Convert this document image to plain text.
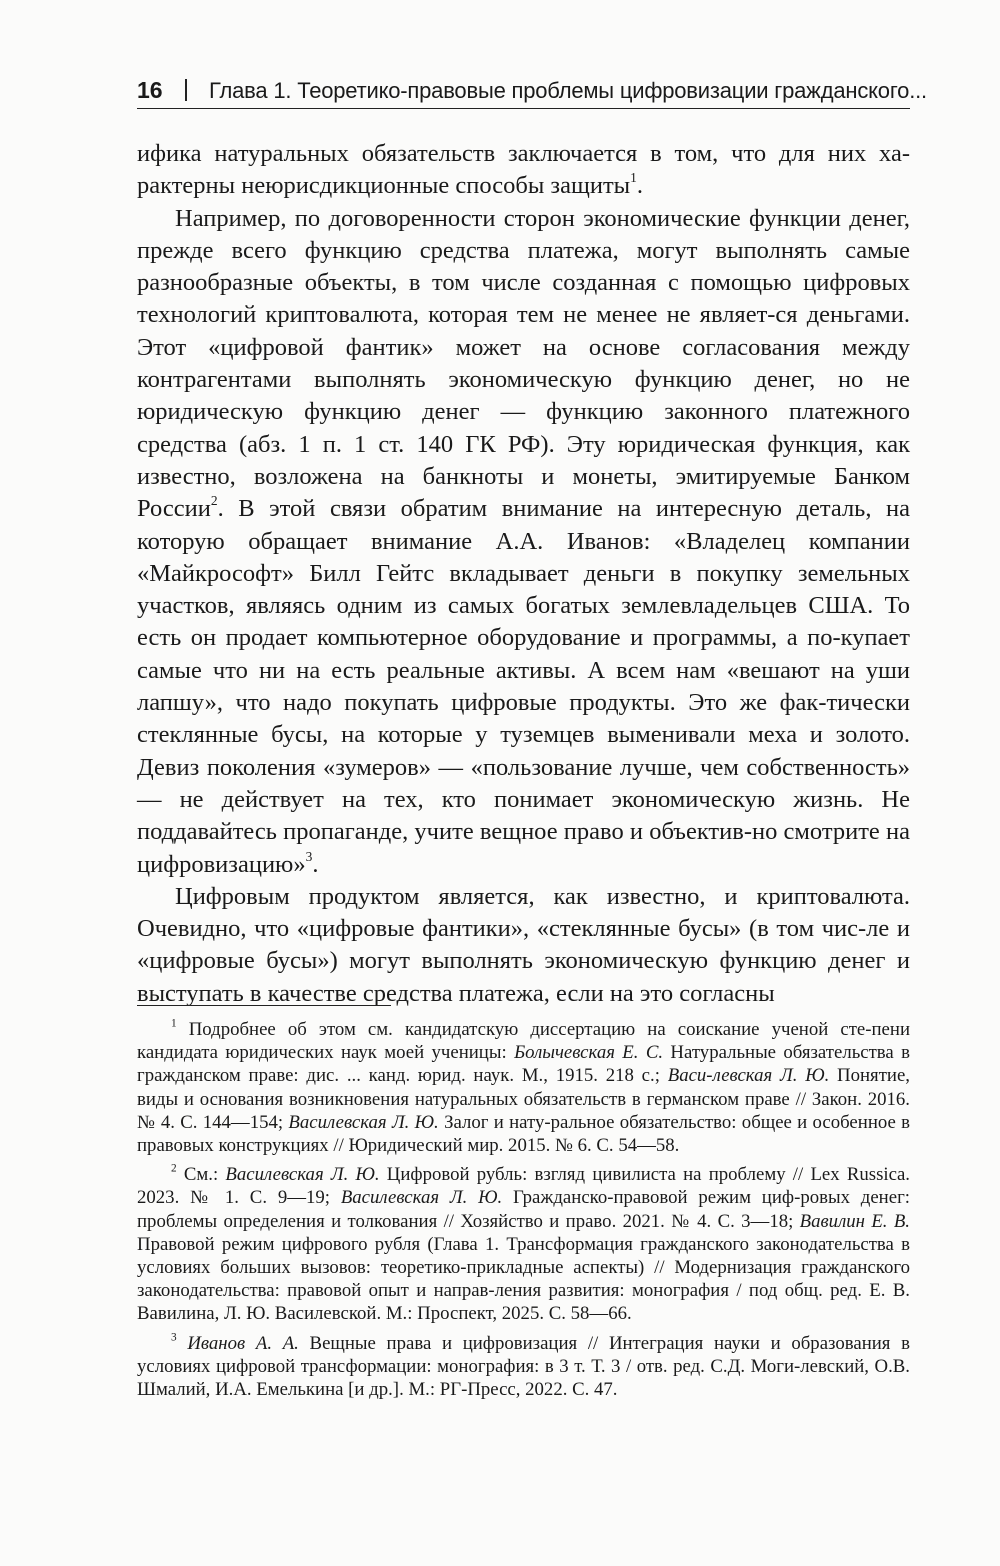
16 Глава 1. Теоретико-правовые проблемы цифровизации гражданского...

ифика натуральных обязательств заключается в том, что для них ха-рактерны неюрисдикционные способы защиты$^1$.

Например, по договоренности сторон экономические функции денег, прежде всего функцию средства платежа, могут выполнять самые разнообразные объекты, в том числе созданная с помощью цифровых технологий криптовалюта, которая тем не менее не являет-ся деньгами. Этот «цифровой фантик» может на основе согласования между контрагентами выполнять экономическую функцию денег, но не юридическую функцию денег — функцию законного платежного средства (абз. 1 п. 1 ст. 140 ГК РФ). Эту юридическая функция, как известно, возложена на банкноты и монеты, эмитируемые Банком России$^2$. В этой связи обратим внимание на интересную деталь, на которую обращает внимание А.А. Иванов: «Владелец компании «Майкрософт» Билл Гейтс вкладывает деньги в покупку земельных участков, являясь одним из самых богатых землевладельцев США. То есть он продает компьютерное оборудование и программы, а по-купает самые что ни на есть реальные активы. А всем нам «вешают на уши лапшу», что надо покупать цифровые продукты. Это же фак-тически стеклянные бусы, на которые у туземцев выменивали меха и золото. Девиз поколения «зумеров» — «пользование лучше, чем собственность» — не действует на тех, кто понимает экономическую жизнь. Не поддавайтесь пропаганде, учите вещное право и объектив-но смотрите на цифровизацию»$^3$.

Цифровым продуктом является, как известно, и криптовалюта. Очевидно, что «цифровые фантики», «стеклянные бусы» (в том чис-ле и «цифровые бусы») могут выполнять экономическую функцию денег и выступать в качестве средства платежа, если на это согласны

$^1$ Подробнее об этом см. кандидатскую диссертацию на соискание ученой сте-пени кандидата юридических наук моей ученицы: Болычевская Е. С. Натуральные обязательства в гражданском праве: дис. ... канд. юрид. наук. М., 1915. 218 с.; Васи-левская Л. Ю. Понятие, виды и основания возникновения натуральных обязательств в германском праве // Закон. 2016. № 4. С. 144—154; Василевская Л. Ю. Залог и нату-ральное обязательство: общее и особенное в правовых конструкциях // Юридический мир. 2015. № 6. С. 54—58.

$^2$ См.: Василевская Л. Ю. Цифровой рубль: взгляд цивилиста на проблему // Lex Russica. 2023. № 1. С. 9—19; Василевская Л. Ю. Гражданско-правовой режим циф-ровых денег: проблемы определения и толкования // Хозяйство и право. 2021. № 4. С. 3—18; Вавилин Е. В. Правовой режим цифрового рубля (Глава 1. Трансформация гражданского законодательства в условиях больших вызовов: теоретико-прикладные аспекты) // Модернизация гражданского законодательства: правовой опыт и направ-ления развития: монография / под общ. ред. Е. В. Вавилина, Л. Ю. Василевской. М.: Проспект, 2025. С. 58—66.

$^3$ Иванов А. А. Вещные права и цифровизация // Интеграция науки и образования в условиях цифровой трансформации: монография: в 3 т. Т. 3 / отв. ред. С.Д. Моги-левский, О.В. Шмалий, И.А. Емелькина [и др.]. М.: РГ-Пресс, 2022. С. 47.
